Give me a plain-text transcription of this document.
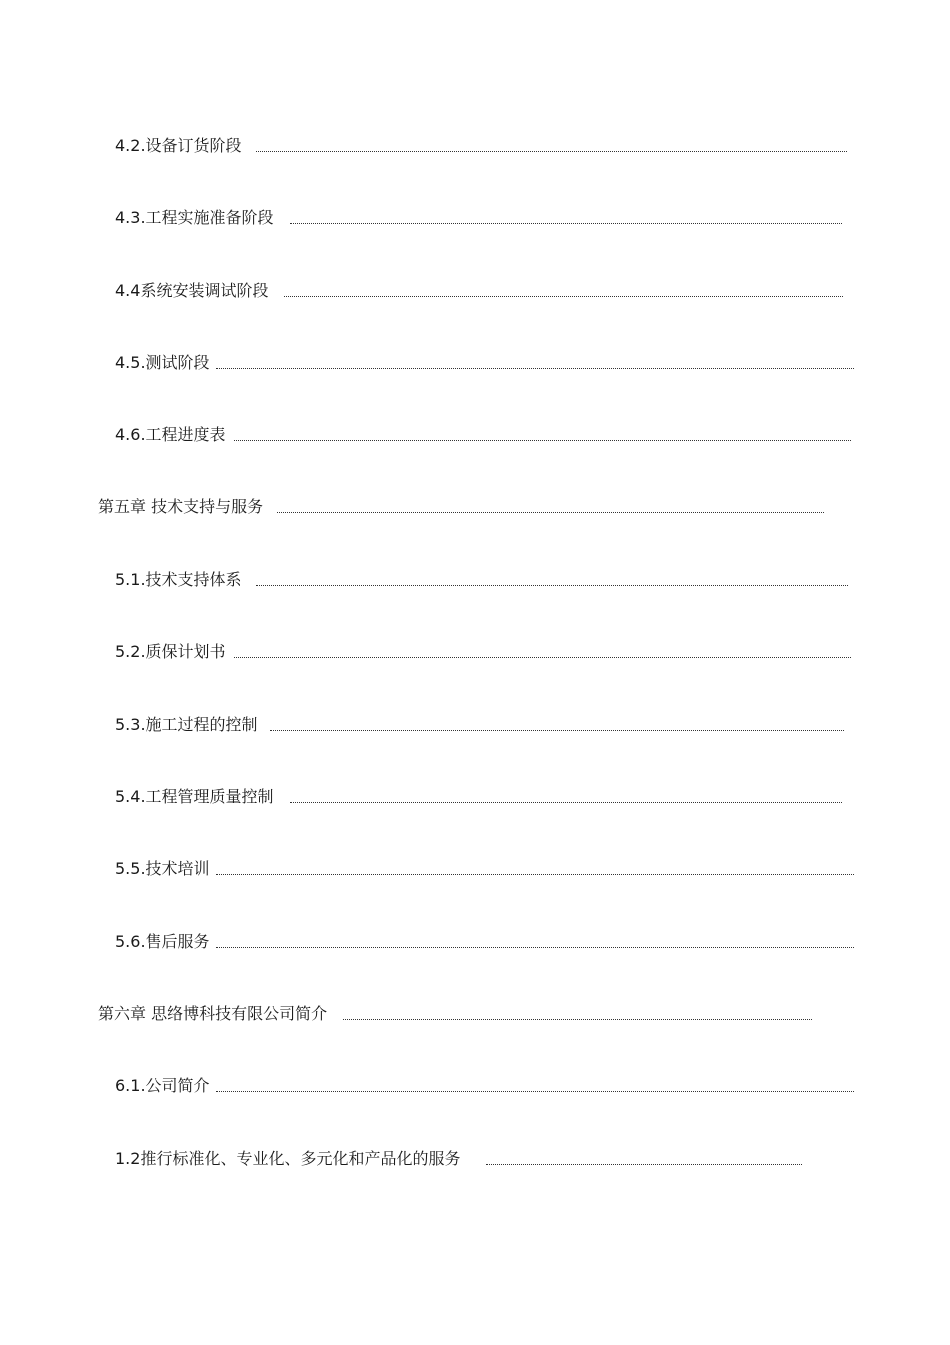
4.2.设备订货阶段
4.3.工程实施准备阶段
4.4系统安装调试阶段
4.5.测试阶段
4.6.工程进度表
第五章 技术支持与服务
5.1.技术支持体系
5.2.质保计划书
5.3.施工过程的控制
5.4.工程管理质量控制
5.5.技术培训
5.6.售后服务
第六章 思络博科技有限公司简介
6.1.公司简介
1.2推行标准化、专业化、多元化和产品化的服务
